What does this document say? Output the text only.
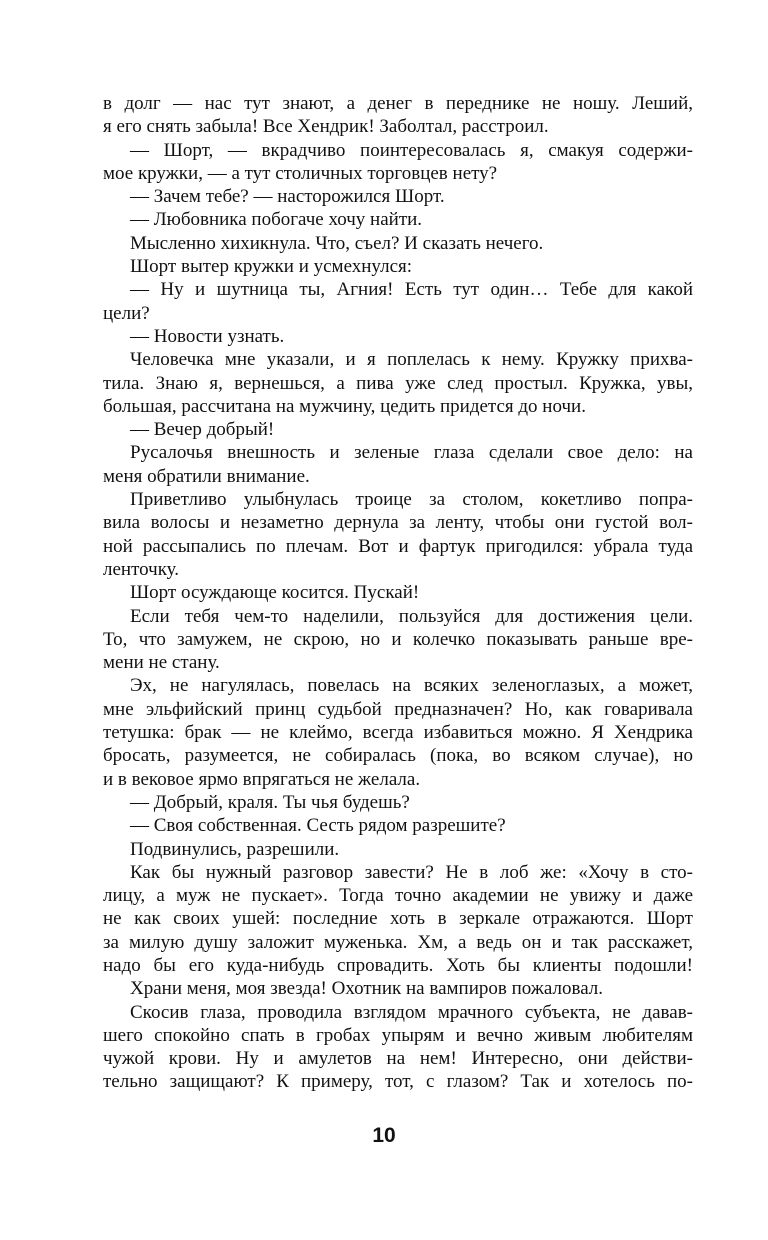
в долг — нас тут знают, а денег в переднике не ношу. Леший,
я его снять забыла! Все Хендрик! Заболтал, расстроил.
— Шорт, — вкрадчиво поинтересовалась я, смакуя содержи-
мое кружки, — а тут столичных торговцев нету?
— Зачем тебе? — насторожился Шорт.
— Любовника побогаче хочу найти.
Мысленно хихикнула. Что, съел? И сказать нечего.
Шорт вытер кружки и усмехнулся:
— Ну и шутница ты, Агния! Есть тут один… Тебе для какой
цели?
— Новости узнать.
Человечка мне указали, и я поплелась к нему. Кружку прихва-
тила. Знаю я, вернешься, а пива уже след простыл. Кружка, увы,
большая, рассчитана на мужчину, цедить придется до ночи.
— Вечер добрый!
Русалочья внешность и зеленые глаза сделали свое дело: на
меня обратили внимание.
Приветливо улыбнулась троице за столом, кокетливо попра-
вила волосы и незаметно дернула за ленту, чтобы они густой вол-
ной рассыпались по плечам. Вот и фартук пригодился: убрала туда
ленточку.
Шорт осуждающе косится. Пускай!
Если тебя чем-то наделили, пользуйся для достижения цели.
То, что замужем, не скрою, но и колечко показывать раньше вре-
мени не стану.
Эх, не нагулялась, повелась на всяких зеленоглазых, а может,
мне эльфийский принц судьбой предназначен? Но, как говаривала
тетушка: брак — не клеймо, всегда избавиться можно. Я Хендрика
бросать, разумеется, не собиралась (пока, во всяком случае), но
и в вековое ярмо впрягаться не желала.
— Добрый, краля. Ты чья будешь?
— Своя собственная. Сесть рядом разрешите?
Подвинулись, разрешили.
Как бы нужный разговор завести? Не в лоб же: «Хочу в сто-
лицу, а муж не пускает». Тогда точно академии не увижу и даже
не как своих ушей: последние хоть в зеркале отражаются. Шорт
за милую душу заложит муженька. Хм, а ведь он и так расскажет,
надо бы его куда-нибудь спровадить. Хоть бы клиенты подошли!
Храни меня, моя звезда! Охотник на вампиров пожаловал.
Скосив глаза, проводила взглядом мрачного субъекта, не давав-
шего спокойно спать в гробах упырям и вечно живым любителям
чужой крови. Ну и амулетов на нем! Интересно, они действи-
тельно защищают? К примеру, тот, с глазом? Так и хотелось по-
10
